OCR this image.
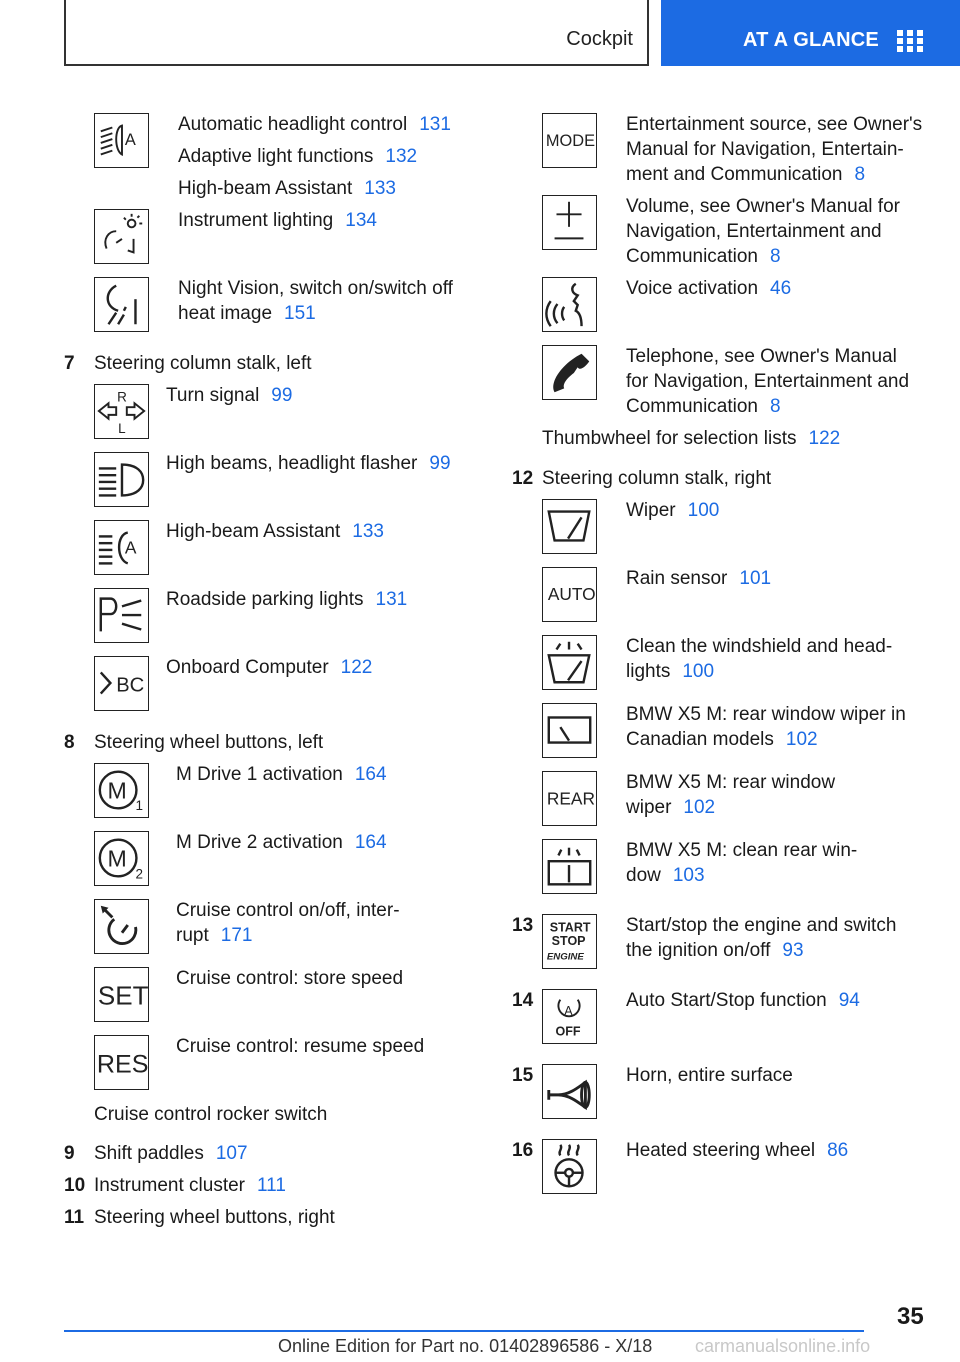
Cockpit	AT A GLANCE
A
Automatic headlight control 131
Adaptive light functions 132
High-beam Assistant 133
Instrument lighting 134
Night Vision, switch on/switch off
heat image 151
7 Steering column stalk, left
R
L
Turn signal 99
High beams, headlight flasher 99
A
High-beam Assistant 133
Roadside parking lights 131
BC
Onboard Computer 122
8 Steering wheel buttons, left
M
1
M Drive 1 activation 164
M
2
M Drive 2 activation 164
Cruise control on/off, inter-
rupt 171
SET
Cruise control: store speed
RES
Cruise control: resume speed
Cruise control rocker switch
9 Shift paddles 107
10 Instrument cluster 111
11 Steering wheel buttons, right
MODE
Entertainment source, see Owner's
Manual for Navigation, Entertain-
ment and Communication 8
Volume, see Owner's Manual for
Navigation, Entertainment and
Communication 8
Voice activation 46
Telephone, see Owner's Manual
for Navigation, Entertainment and
Communication 8
Thumbwheel for selection lists 122
12 Steering column stalk, right
Wiper 100
AUTO
Rain sensor 101
Clean the windshield and head-
lights 100
BMW X5 M: rear window wiper in
Canadian models 102
REAR
BMW X5 M: rear window
wiper 102
BMW X5 M: clean rear win-
dow 103
13 START
STOP
ENGINE
Start/stop the engine and switch
the ignition on/off 93
14
A
OFF
Auto Start/Stop function 94
15	Horn, entire surface
16	Heated steering wheel 86
35
Online Edition for Part no. 01402896586 - X/18 carmanualsonline.info
